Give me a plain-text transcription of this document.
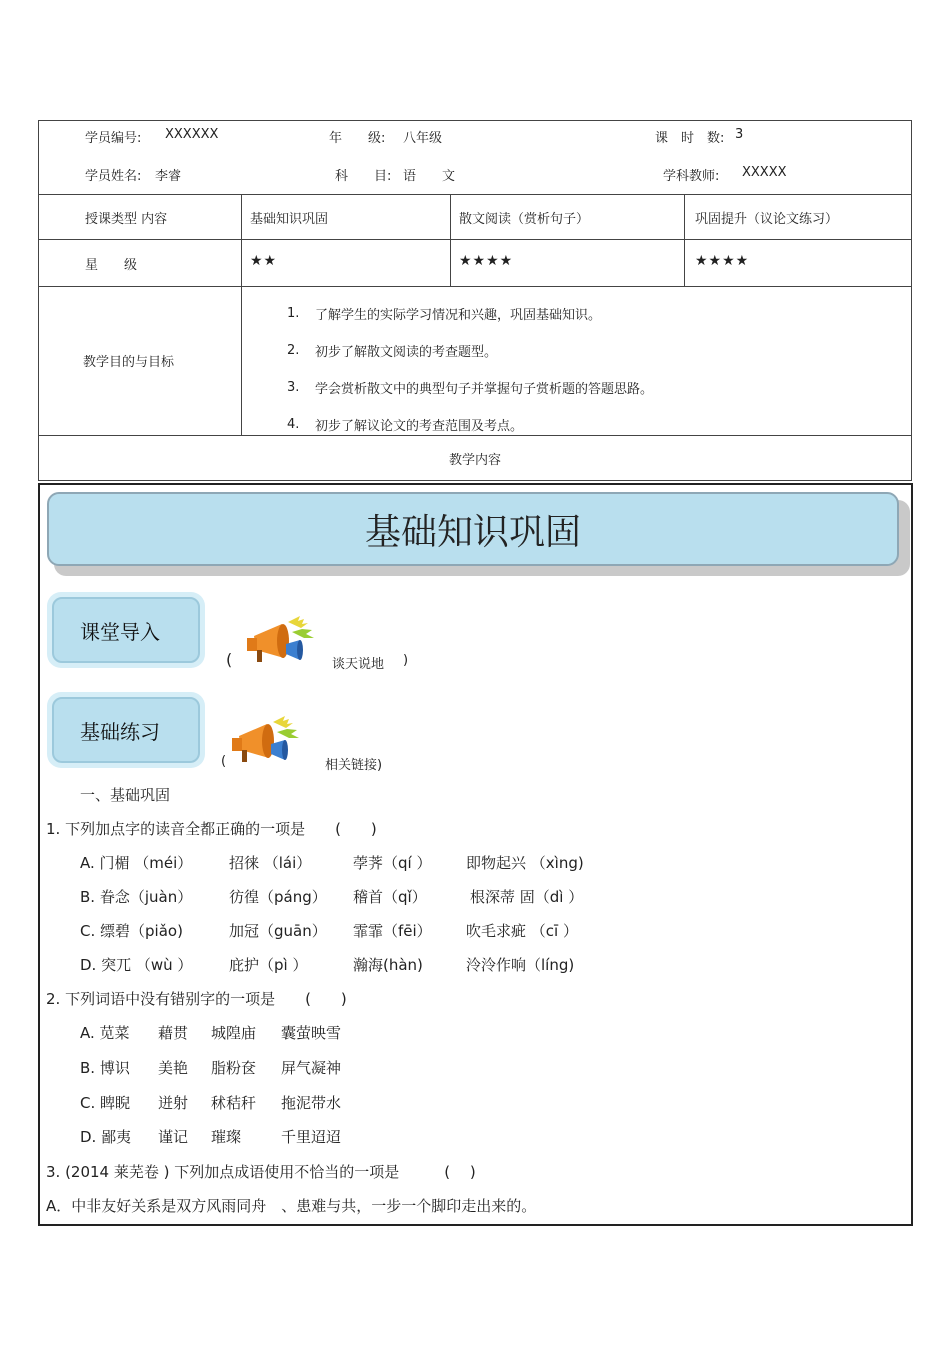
学员编号: XXXXXX	年　　级: 八年级	课　时　数: 3
学员姓名: 李睿	科　　目: 语　　文	学科教师: XXXXX
授课类型 内容	基础知识巩固	散文阅读（赏析句子）	巩固提升（议论文练习）
星　　级	★★	★★★★	★★★★
教学目的与目标
1.	了解学生的实际学习情况和兴趣，巩固基础知识。
2.	初步了解散文阅读的考查题型。
3.	学会赏析散文中的典型句子并掌握句子赏析题的答题思路。
4.	初步了解议论文的考查范围及考点。
教学内容
基础知识巩固
课堂导入
(	谈天说地 )
基础练习
(	相关链接)
一、基础巩固
1. 下列加点字的读音全都正确的一项是　　(　　)
A. 门楣 （méi） 招徕 （lái）	荸荠（qí ） 即物起兴 （xìng)
B. 眷念（juàn） 彷徨（páng） 稽首（qǐ）	根深蒂 固（dì ）
C. 缥碧（piǎo)	加冠（guān） 霏霏（fēi） 吹毛求疵 （cī ）
D. 突兀 （wù ） 庇护（pì ）	瀚海(hàn)	泠泠作响（líng)
2. 下列词语中没有错别字的一项是　　(　　)
A. 苋菜 藉贯 城隍庙 囊萤映雪
B. 博识 美艳 脂粉奁 屏气凝神
C. 睥睨 迸射 秫秸秆 拖泥带水
D. 鄙夷 谨记 璀璨	千里迢迢
3. (2014 莱芜卷 ) 下列加点成语使用不恰当的一项是　　　(　 )
A．中非友好关系是双方风雨同舟　、患难与共，一步一个脚印走出来的。
